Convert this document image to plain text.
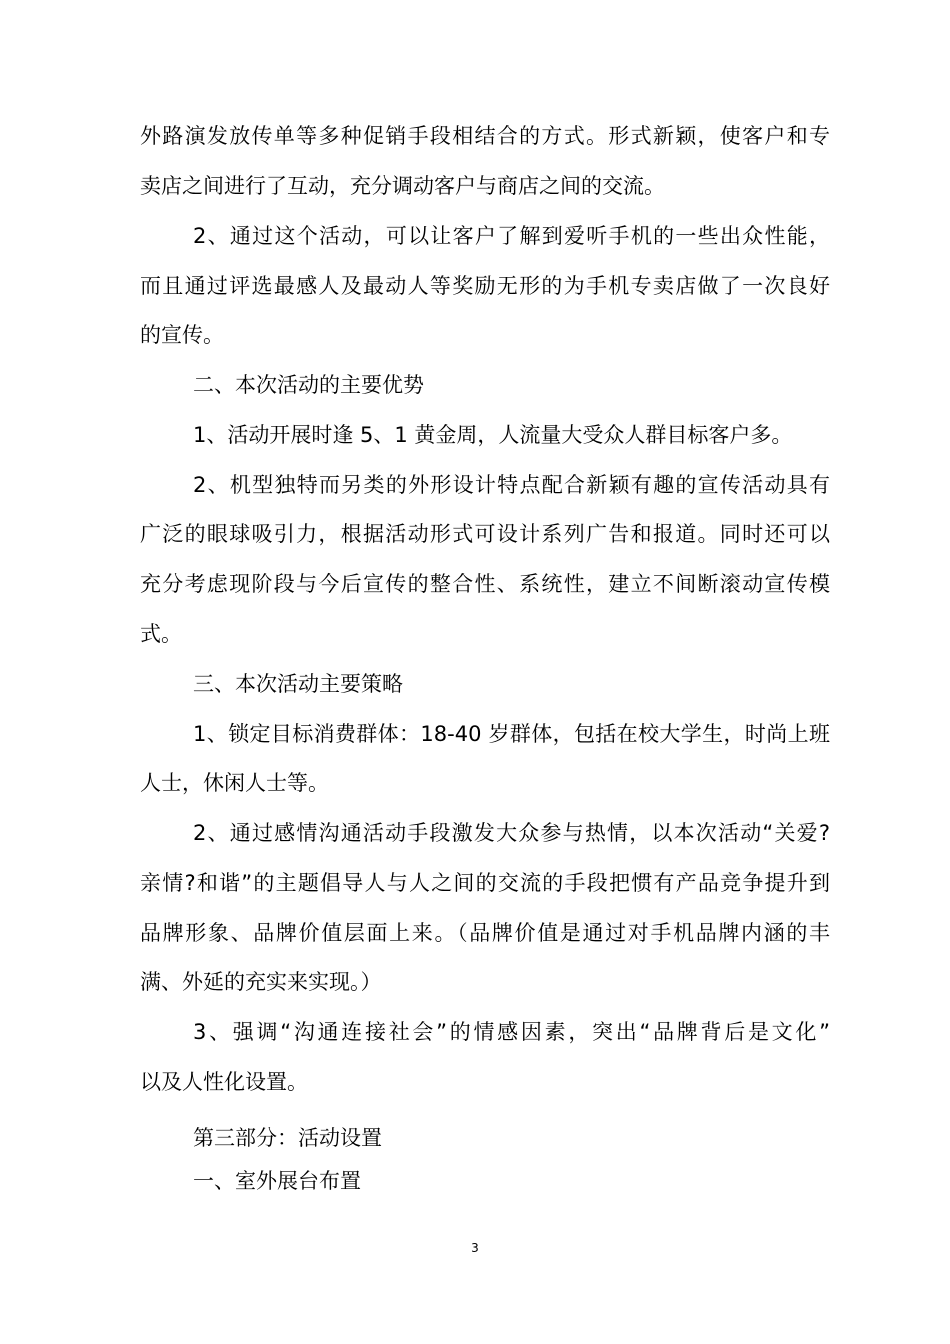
外路演发放传单等多种促销手段相结合的方式。形式新颖，使客户和专
卖店之间进行了互动，充分调动客户与商店之间的交流。
2、通过这个活动，可以让客户了解到爱听手机的一些出众性能，
而且通过评选最感人及最动人等奖励无形的为手机专卖店做了一次良好
的宣传。
二、本次活动的主要优势
1、活动开展时逢 5、1 黄金周，人流量大受众人群目标客户多。
2、机型独特而另类的外形设计特点配合新颖有趣的宣传活动具有
广泛的眼球吸引力，根据活动形式可设计系列广告和报道。同时还可以
充分考虑现阶段与今后宣传的整合性、系统性，建立不间断滚动宣传模
式。
三、本次活动主要策略
1、锁定目标消费群体：18-40 岁群体，包括在校大学生，时尚上班
人士，休闲人士等。
2、通过感情沟通活动手段激发大众参与热情，以本次活动“关爱?
亲情?和谐”的主题倡导人与人之间的交流的手段把惯有产品竞争提升到
品牌形象、品牌价值层面上来。（品牌价值是通过对手机品牌内涵的丰
满、外延的充实来实现。）
3、强调“沟通连接社会”的情感因素，突出“品牌背后是文化”
以及人性化设置。
第三部分：活动设置
一、室外展台布置
3
